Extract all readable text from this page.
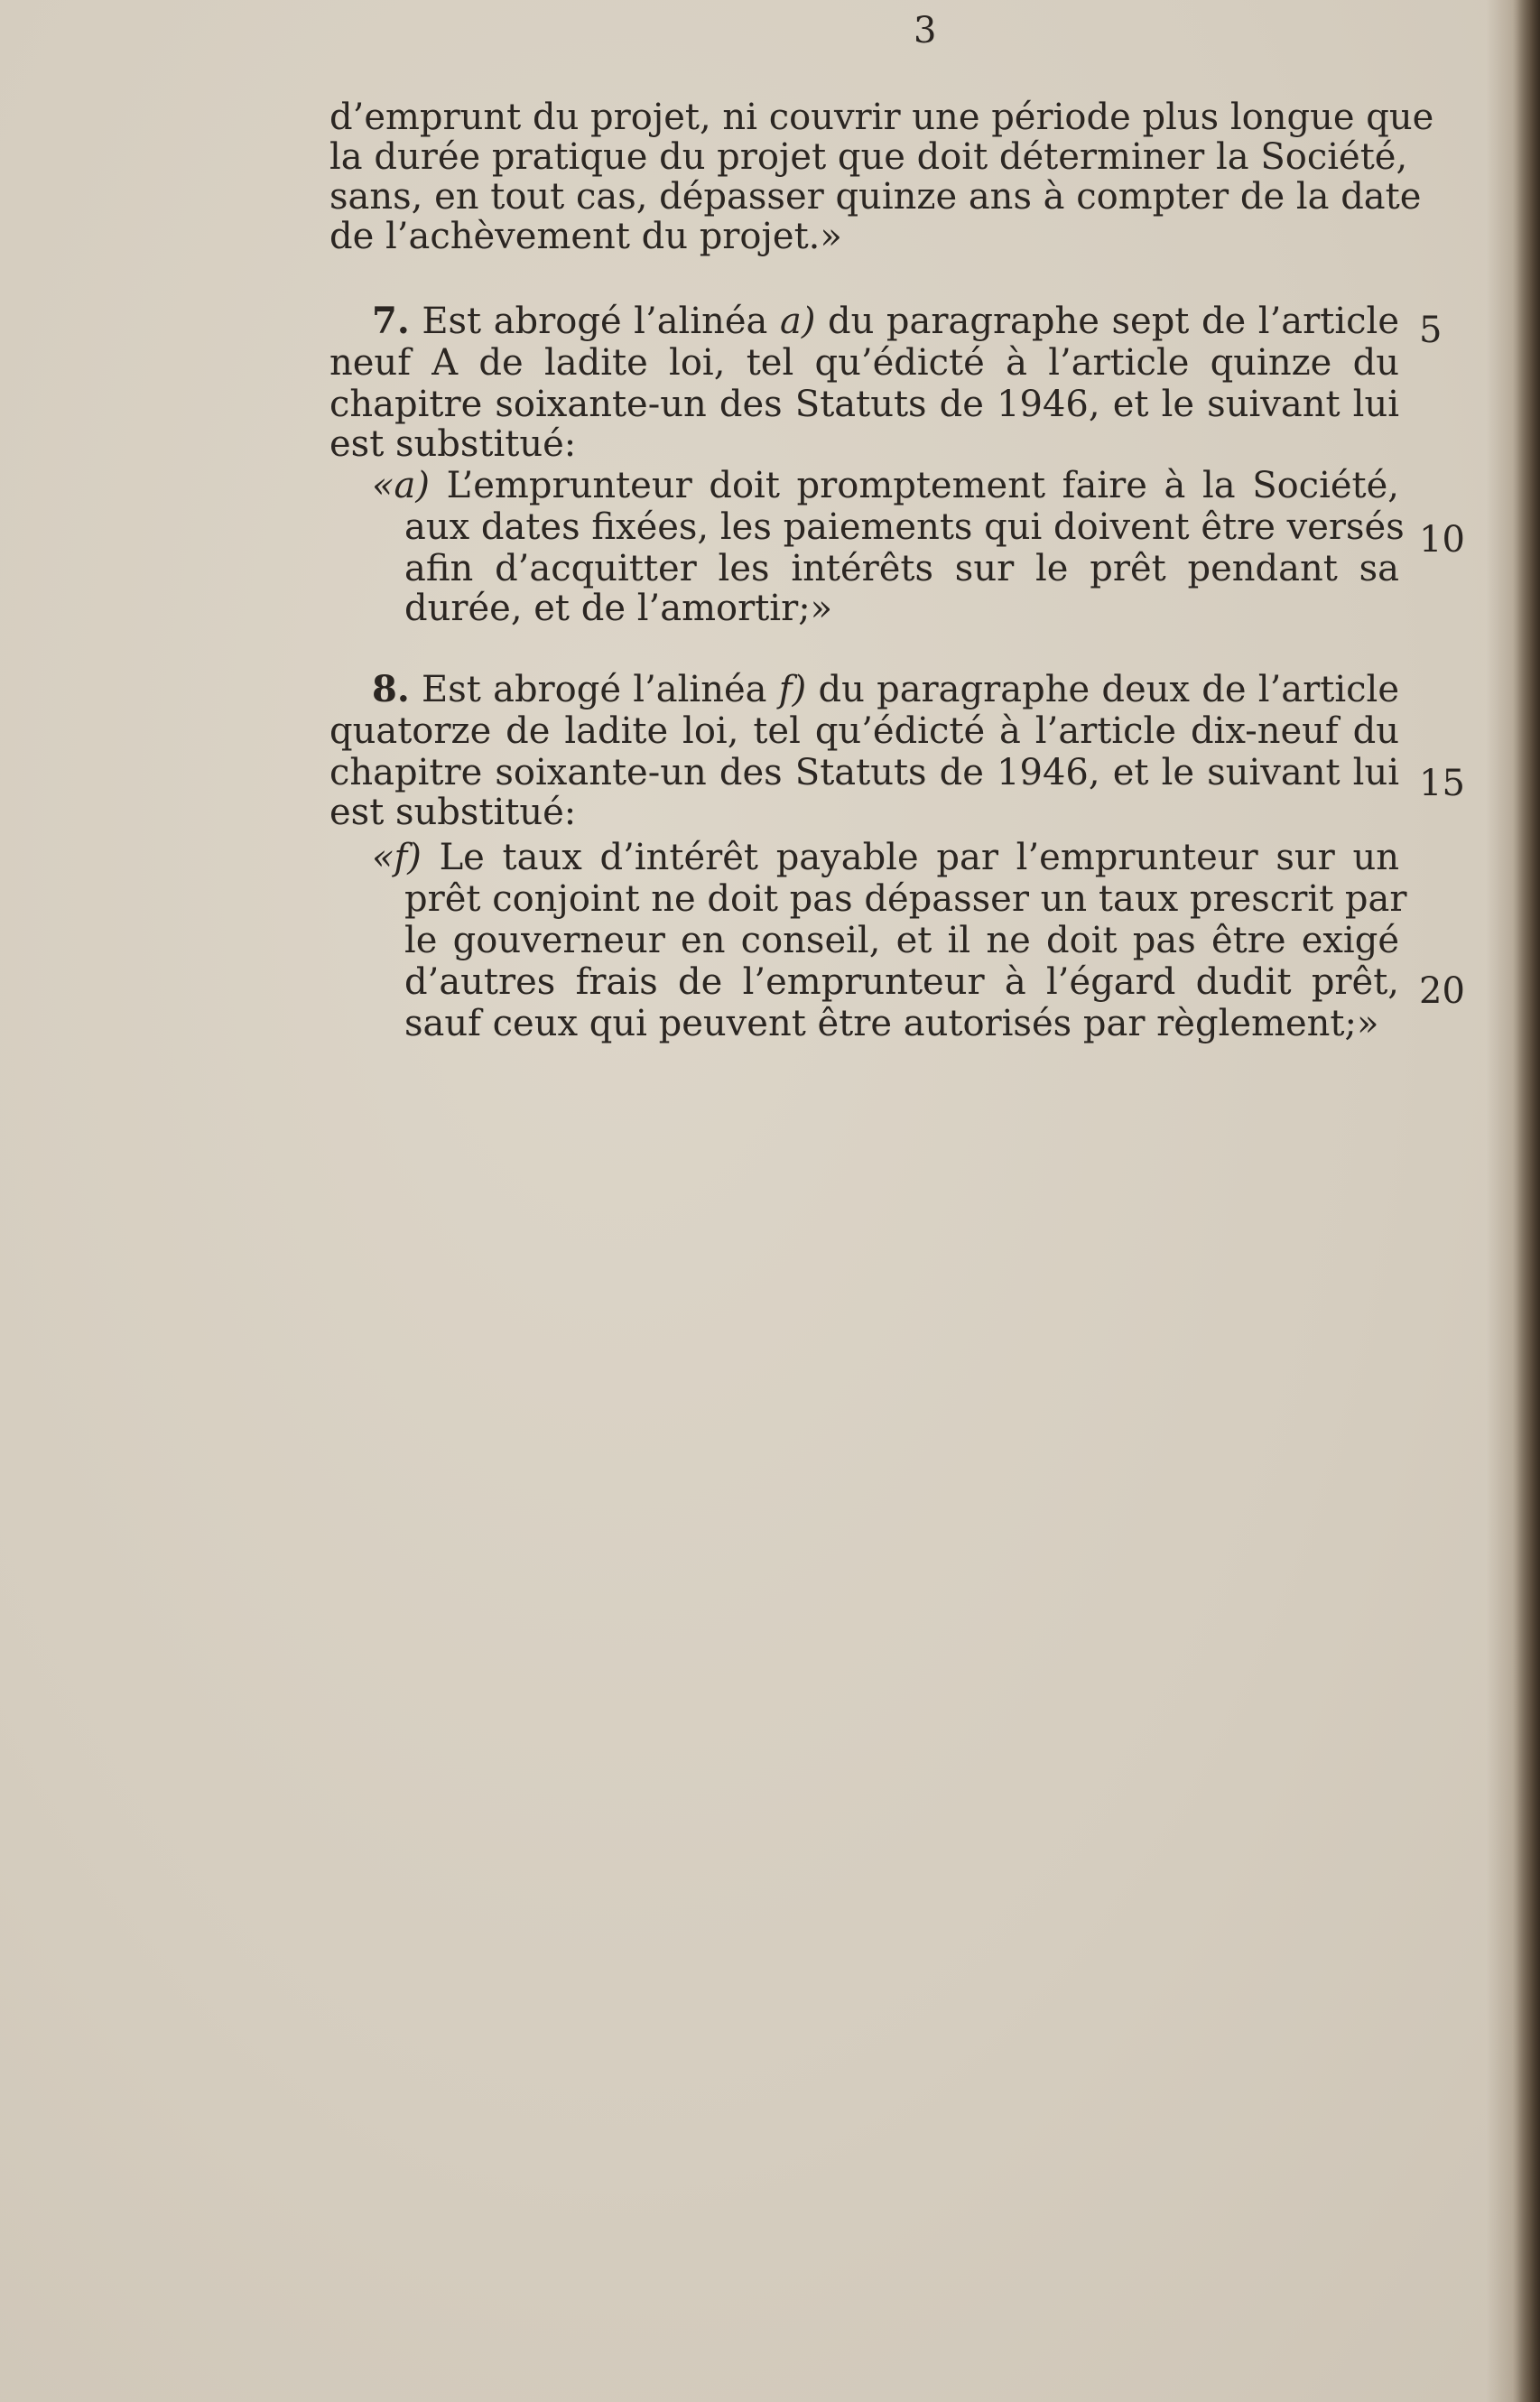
3
d’emprunt du projet, ni couvrir une période plus longue que
la durée pratique du projet que doit déterminer la Société,
sans, en tout cas, dépasser quinze ans à compter de la date
de l’achèvement du projet.»
7. Est abrogé l’alinéa a) du paragraphe sept de l’article 5
neuf A de ladite loi, tel qu’édicté à l’article quinze du
chapitre soixante-un des Statuts de 1946, et le suivant lui
est substitué:
«a) L’emprunteur doit promptement faire à la Société,
aux dates fixées, les paiements qui doivent être versés 10
afin d’acquitter les intérêts sur le prêt pendant sa
durée, et de l’amortir;»
8. Est abrogé l’alinéa f) du paragraphe deux de l’article
quatorze de ladite loi, tel qu’édicté à l’article dix-neuf du
chapitre soixante-un des Statuts de 1946, et le suivant lui 15
est substitué:
«f) Le taux d’intérêt payable par l’emprunteur sur un
prêt conjoint ne doit pas dépasser un taux prescrit par
le gouverneur en conseil, et il ne doit pas être exigé
d’autres frais de l’emprunteur à l’égard dudit prêt, 20
sauf ceux qui peuvent être autorisés par règlement;»
